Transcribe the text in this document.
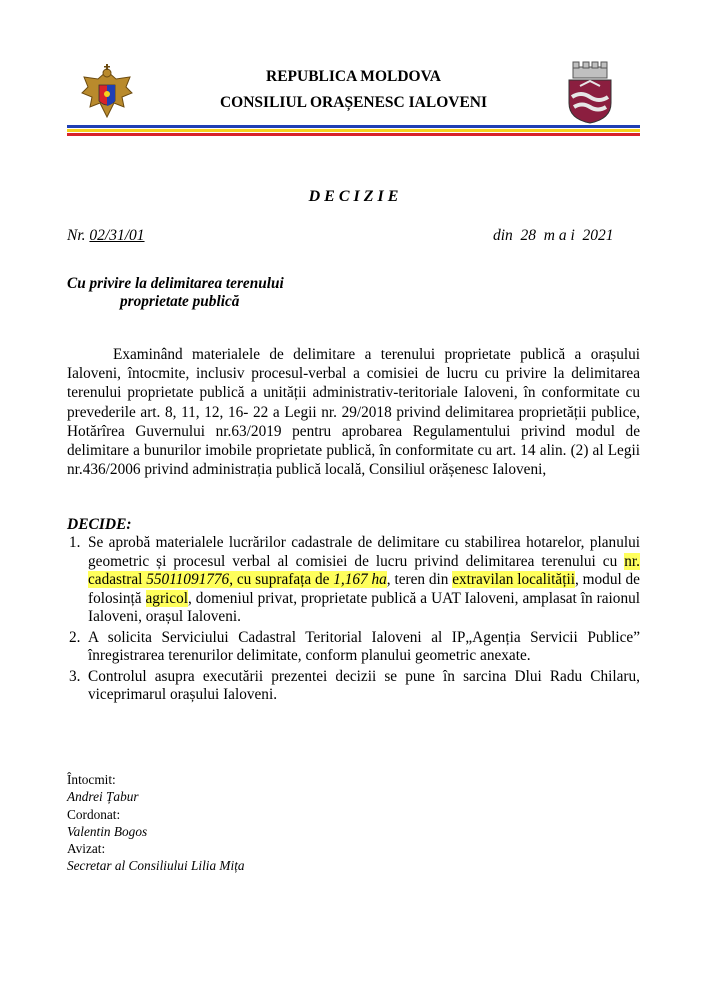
REPUBLICA MOLDOVA
CONSILIUL ORAȘENESC IALOVENI
D E C I Z I E
Nr. 02/31/01	din  28  m a i  2021
Cu privire la delimitarea terenului
proprietate publică

Examinând materialele de delimitare a terenului proprietate publică a orașului Ialoveni, întocmite, inclusiv procesul-verbal a comisiei de lucru cu privire la delimitarea terenului proprietate publică a unității administrativ-teritoriale Ialoveni, în conformitate cu prevederile art. 8, 11, 12, 16- 22 a Legii nr. 29/2018 privind delimitarea proprietății publice, Hotărîrea Guvernului nr.63/2019 pentru aprobarea Regulamentului privind modul de delimitare a bunurilor imobile proprietate publică, în conformitate cu art. 14 alin. (2) al Legii nr.436/2006 privind administrația publică locală, Consiliul orășenesc Ialoveni,

DECIDE:
1. Se aprobă materialele lucrărilor cadastrale de delimitare cu stabilirea hotarelor, planului geometric și procesul verbal al comisiei de lucru privind delimitarea terenului cu nr. cadastral 55011091776, cu suprafața de 1,167 ha, teren din extravilan localității, modul de folosință agricol, domeniul privat, proprietate publică a UAT Ialoveni, amplasat în raionul Ialoveni, orașul Ialoveni.
2. A solicita Serviciului Cadastral Teritorial Ialoveni al IP„Agenția Servicii Publice” înregistrarea terenurilor delimitate, conform planului geometric anexate.
3. Controlul asupra executării prezentei decizii se pune în sarcina Dlui Radu Chilaru, viceprimarul orașului Ialoveni.
Întocmit:
Andrei Țabur
Cordonat:
Valentin Bogos
Avizat:
Secretar al Consiliului Lilia Mița
